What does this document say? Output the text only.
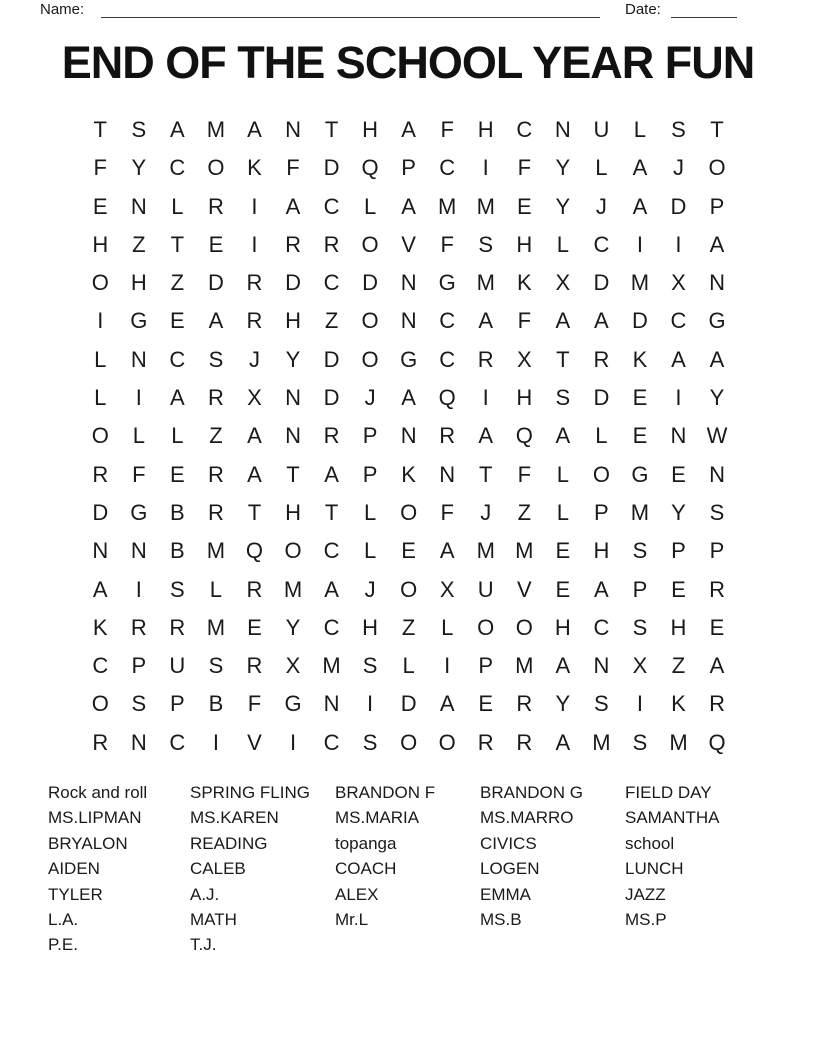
Name:	Date:
END OF THE SCHOOL YEAR FUN
T	S	A	M	A	N	T	H	A	F	H	C	N	U	L	S	T
F	Y	C	O	K	F	D	Q	P	C	I	F	Y	L	A	J	O
E	N	L	R	I	A	C	L	A	M M	E	Y	J	A	D	P
H	Z	T	E	I	R	R	O	V	F	S	H	L	C	I	I	A
O	H	Z	D	R	D	C	D	N	G M	K	X	D M	X	N
I	G	E	A	R	H	Z	O	N	C	A	F	A	A	D	C	G
L	N	C	S	J	Y	D	O G	C	R	X	T	R	K	A	A
L	I	A	R	X	N	D	J	A	Q	I	H	S	D	E	I	Y
O	L	L	Z	A	N	R	P	N	R	A	Q	A	L	E	N W
R	F	E	R	A	T	A	P	K	N	T	F	L	O G	E	N
D	G	B	R	T	H	T	L	O	F	J	Z	L	P	M	Y	S
N	N	B	M Q O	C	L	E	A	M M	E	H	S	P	P
A	I	S	L	R M	A	J	O	X	U	V	E	A	P	E	R
K	R	R M	E	Y	C	H	Z	L	O O	H	C	S	H	E
C	P	U	S	R	X	M	S	L	I	P	M	A	N	X	Z	A
O	S	P	B	F	G	N	I	D	A	E	R	Y	S	I	K	R
R	N	C	I	V	I	C	S	O O	R	R	A	M	S	M Q
Rock and roll
MS.LIPMAN
BRYALON
AIDEN
TYLER
L.A.
P.E.
SPRING FLING
MS.KAREN
READING
CALEB
A.J.
MATH
T.J.
BRANDON F
MS.MARIA
topanga
COACH
ALEX
Mr.L
BRANDON G
MS.MARRO
CIVICS
LOGEN
EMMA
MS.B
FIELD DAY
SAMANTHA
school
LUNCH
JAZZ
MS.P
